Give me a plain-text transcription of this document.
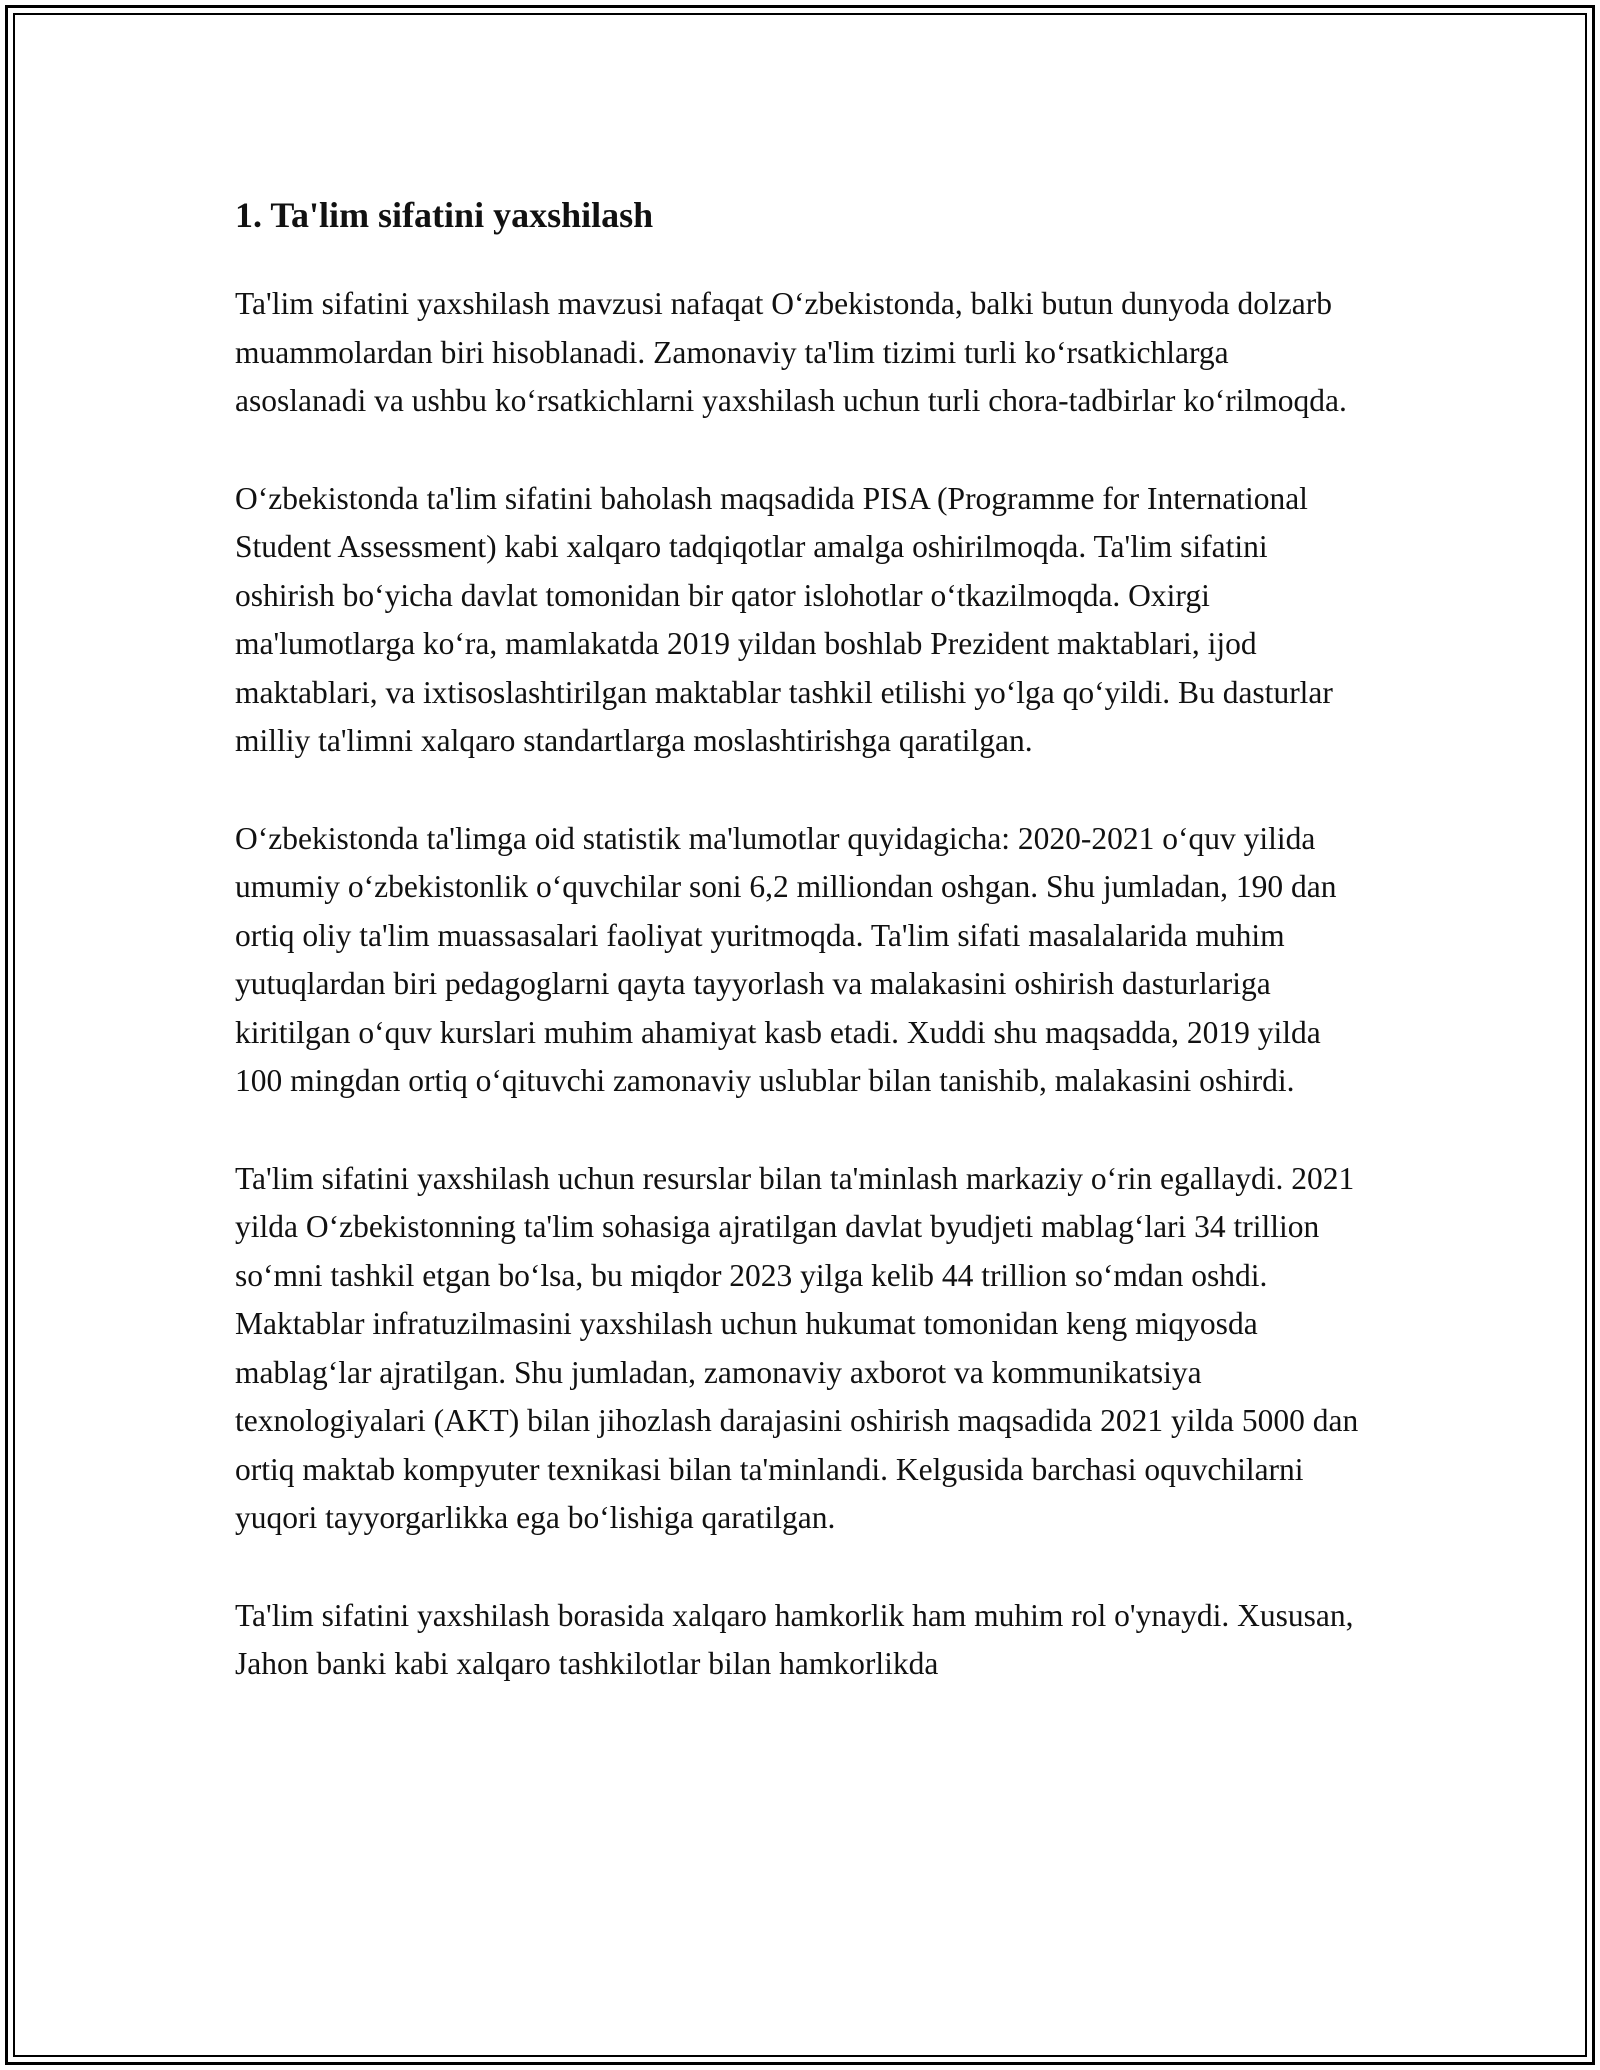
1. Ta'lim sifatini yaxshilash

Ta'lim sifatini yaxshilash mavzusi nafaqat O‘zbekistonda, balki butun dunyoda dolzarb muammolardan biri hisoblanadi. Zamonaviy ta'lim tizimi turli ko‘rsatkichlarga asoslanadi va ushbu ko‘rsatkichlarni yaxshilash uchun turli chora-tadbirlar ko‘rilmoqda.

O‘zbekistonda ta'lim sifatini baholash maqsadida PISA (Programme for International Student Assessment) kabi xalqaro tadqiqotlar amalga oshirilmoqda. Ta'lim sifatini oshirish bo‘yicha davlat tomonidan bir qator islohotlar o‘tkazilmoqda. Oxirgi ma'lumotlarga ko‘ra, mamlakatda 2019 yildan boshlab Prezident maktablari, ijod maktablari, va ixtisoslashtirilgan maktablar tashkil etilishi yo‘lga qo‘yildi. Bu dasturlar milliy ta'limni xalqaro standartlarga moslashtirishga qaratilgan.

O‘zbekistonda ta'limga oid statistik ma'lumotlar quyidagicha: 2020-2021 o‘quv yilida umumiy o‘zbekistonlik o‘quvchilar soni 6,2 milliondan oshgan. Shu jumladan, 190 dan ortiq oliy ta'lim muassasalari faoliyat yuritmoqda. Ta'lim sifati masalalarida muhim yutuqlardan biri pedagoglarni qayta tayyorlash va malakasini oshirish dasturlariga kiritilgan o‘quv kurslari muhim ahamiyat kasb etadi. Xuddi shu maqsadda, 2019 yilda 100 mingdan ortiq o‘qituvchi zamonaviy uslublar bilan tanishib, malakasini oshirdi.

Ta'lim sifatini yaxshilash uchun resurslar bilan ta'minlash markaziy o‘rin egallaydi. 2021 yilda O‘zbekistonning ta'lim sohasiga ajratilgan davlat byudjeti mablag‘lari 34 trillion so‘mni tashkil etgan bo‘lsa, bu miqdor 2023 yilga kelib 44 trillion so‘mdan oshdi. Maktablar infratuzilmasini yaxshilash uchun hukumat tomonidan keng miqyosda mablag‘lar ajratilgan. Shu jumladan, zamonaviy axborot va kommunikatsiya texnologiyalari (AKT) bilan jihozlash darajasini oshirish maqsadida 2021 yilda 5000 dan ortiq maktab kompyuter texnikasi bilan ta'minlandi. Kelgusida barchasi oquvchilarni yuqori tayyorgarlikka ega bo‘lishiga qaratilgan.

Ta'lim sifatini yaxshilash borasida xalqaro hamkorlik ham muhim rol o'ynaydi. Xususan, Jahon banki kabi xalqaro tashkilotlar bilan hamkorlikda
